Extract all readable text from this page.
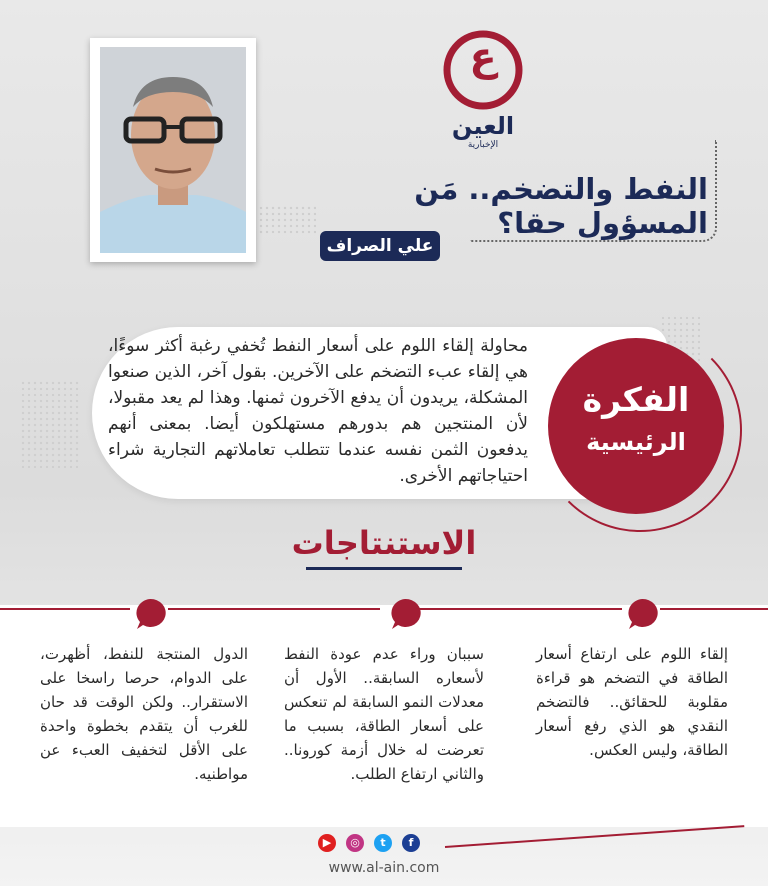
ع
العين
الإخبارية
النفط والتضخم.. مَن المسؤول حقا؟
علي الصراف
محاولة إلقاء اللوم على أسعار النفط تُخفي رغبة أكثر سوءًا، هي إلقاء عبء التضخم على الآخرين. بقول آخر، الذين صنعوا المشكلة، يريدون أن يدفع الآخرون ثمنها. وهذا لم يعد مقبولا، لأن المنتجين هم بدورهم مستهلكون أيضا. بمعنى أنهم يدفعون الثمن نفسه عندما تتطلب تعاملاتهم التجارية شراء احتياجاتهم الأخرى.
الفكرة
الرئيسية
الاستنتاجات
إلقاء اللوم على ارتفاع أسعار الطاقة في التضخم هو قراءة مقلوبة للحقائق.. فالتضخم النقدي هو الذي رفع أسعار الطاقة، وليس العكس.
سببان وراء عدم عودة النفط لأسعاره السابقة.. الأول أن معدلات النمو السابقة لم تنعكس على أسعار الطاقة، بسبب ما تعرضت له خلال أزمة كورونا.. والثاني ارتفاع الطلب.
الدول المنتجة للنفط، أظهرت، على الدوام، حرصا راسخا على الاستقرار.. ولكن الوقت قد حان للغرب أن يتقدم بخطوة واحدة على الأقل لتخفيف العبء عن مواطنيه.
f
t
◎
▶
www.al-ain.com
